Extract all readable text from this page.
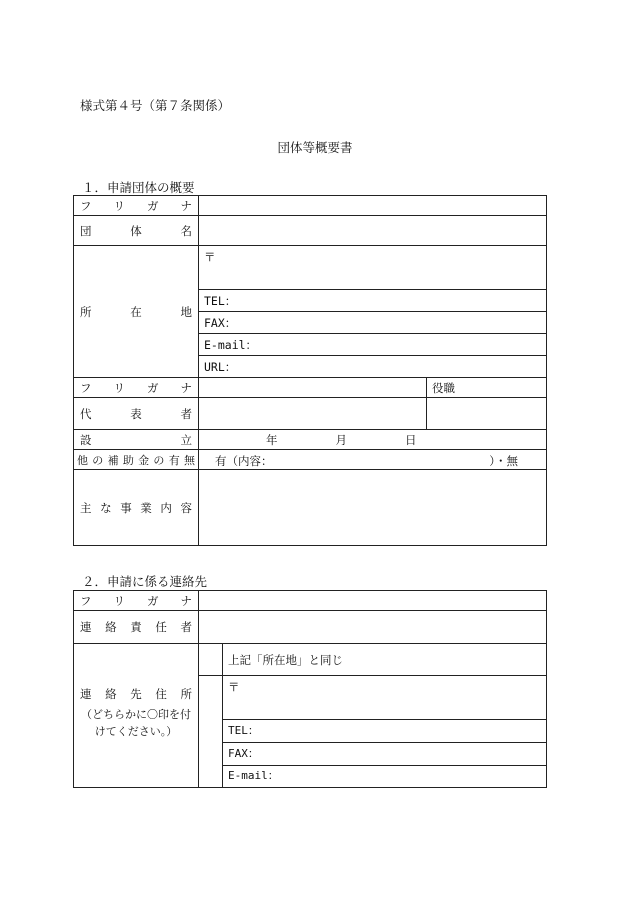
様式第４号（第７条関係）
団体等概要書
１．申請団体の概要
フ リ ガ ナ		
団 体 名		
所 在 地	〒	
	TEL：	
	FAX：	
	E-mail：	
	URL：	
フ リ ガ ナ		役職
代 表 者		
設 立	年 月 日	
他の補助金の有無	有（内容： ）・無	

主な事業内容		
２．申請に係る連絡先
フ リ ガ ナ		
連 絡 責 任 者		

連 絡 先 住 所
（どちらかに〇印を付けてください。）		上記「所在地」と同じ

		〒
TEL：
FAX：
E-mail：
